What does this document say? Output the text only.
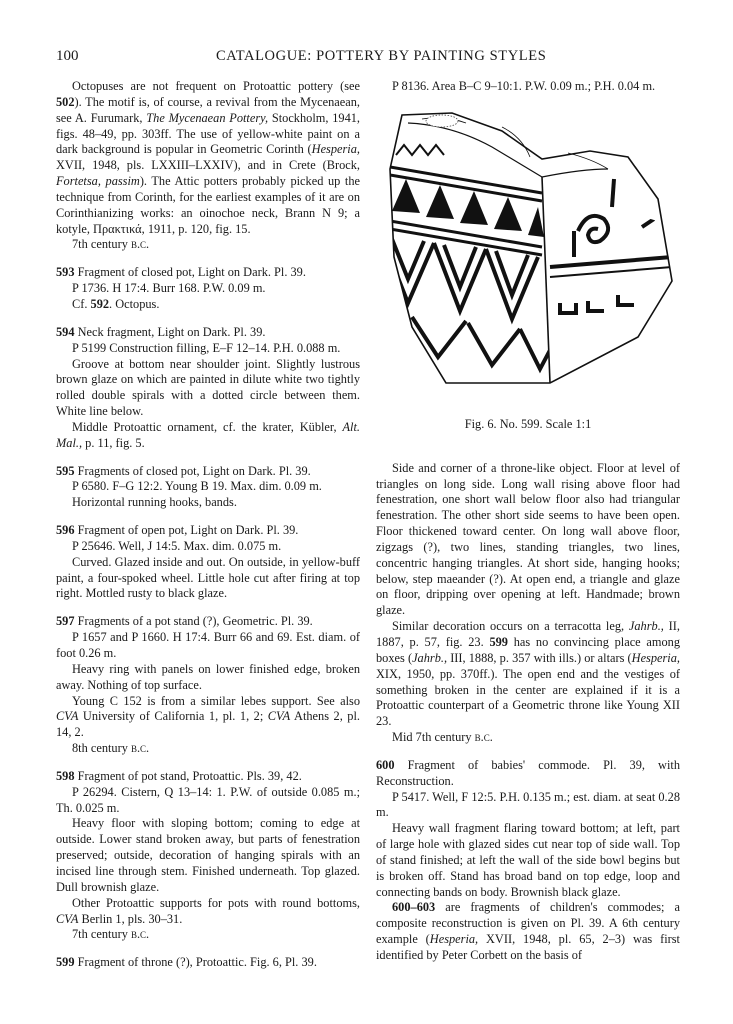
100	CATALOGUE: POTTERY BY PAINTING STYLES

Octopuses are not frequent on Protoattic pottery (see 502). The motif is, of course, a revival from the Mycenaean, see A. Furumark, The Mycenaean Pottery, Stockholm, 1941, figs. 48–49, pp. 303ff. The use of yellow-white paint on a dark background is popular in Geometric Corinth (Hesperia, XVII, 1948, pls. LXXIII–LXXIV), and in Crete (Brock, Fortetsa, passim). The Attic potters probably picked up the technique from Corinth, for the earliest examples of it are on Corinthianizing works: an oinochoe neck, Brann N 9; a kotyle, Πρακτικά, 1911, p. 120, fig. 15.

7th century b.c.

593 Fragment of closed pot, Light on Dark. Pl. 39.

P 1736. H 17:4. Burr 168. P.W. 0.09 m.

Cf. 592. Octopus.

594 Neck fragment, Light on Dark. Pl. 39.

P 5199 Construction filling, E–F 12–14. P.H. 0.088 m.

Groove at bottom near shoulder joint. Slightly lustrous brown glaze on which are painted in dilute white two tightly rolled double spirals with a dotted circle between them. White line below.

Middle Protoattic ornament, cf. the krater, Kübler, Alt. Mal., p. 11, fig. 5.

595 Fragments of closed pot, Light on Dark. Pl. 39.

P 6580. F–G 12:2. Young B 19. Max. dim. 0.09 m.

Horizontal running hooks, bands.

596 Fragment of open pot, Light on Dark. Pl. 39.

P 25646. Well, J 14:5. Max. dim. 0.075 m.

Curved. Glazed inside and out. On outside, in yellow-buff paint, a four-spoked wheel. Little hole cut after firing at top right. Mottled rusty to black glaze.

597 Fragments of a pot stand (?), Geometric. Pl. 39.

P 1657 and P 1660. H 17:4. Burr 66 and 69. Est. diam. of foot 0.26 m.

Heavy ring with panels on lower finished edge, broken away. Nothing of top surface.

Young C 152 is from a similar lebes support. See also CVA University of California 1, pl. 1, 2; CVA Athens 2, pl. 14, 2.

8th century b.c.

598 Fragment of pot stand, Protoattic. Pls. 39, 42.

P 26294. Cistern, Q 13–14: 1. P.W. of outside 0.085 m.; Th. 0.025 m.

Heavy floor with sloping bottom; coming to edge at outside. Lower stand broken away, but parts of fenestration preserved; outside, decoration of hanging spirals with an incised line through stem. Finished underneath. Top glazed. Dull brownish glaze.

Other Protoattic supports for pots with round bottoms, CVA Berlin 1, pls. 30–31.

7th century b.c.

599 Fragment of throne (?), Protoattic. Fig. 6, Pl. 39.

P 8136. Area B–C 9–10:1. P.W. 0.09 m.; P.H. 0.04 m.

Fig. 6. No. 599. Scale 1:1

Side and corner of a throne-like object. Floor at level of triangles on long side. Long wall rising above floor had fenestration, one short wall below floor also had triangular fenestration. The other short side seems to have been open. Floor thickened toward center. On long wall above floor, zigzags (?), two lines, standing triangles, two lines, concentric hanging triangles. At short side, hanging hooks; below, step maeander (?). At open end, a triangle and glaze on floor, dripping over opening at left. Handmade; brown glaze.

Similar decoration occurs on a terracotta leg, Jahrb., II, 1887, p. 57, fig. 23. 599 has no convincing place among boxes (Jahrb., III, 1888, p. 357 with ills.) or altars (Hesperia, XIX, 1950, pp. 370ff.). The open end and the vestiges of something broken in the center are explained if it is a Protoattic counterpart of a Geometric throne like Young XII 23.

Mid 7th century b.c.

600 Fragment of babies' commode. Pl. 39, with Reconstruction.

P 5417. Well, F 12:5. P.H. 0.135 m.; est. diam. at seat 0.28 m.

Heavy wall fragment flaring toward bottom; at left, part of large hole with glazed sides cut near top of side wall. Top of stand finished; at left the wall of the side bowl begins but is broken off. Stand has broad band on top edge, loop and connecting bands on body. Brownish black glaze.

600–603 are fragments of children's commodes; a composite reconstruction is given on Pl. 39. A 6th century example (Hesperia, XVII, 1948, pl. 65, 2–3) was first identified by Peter Corbett on the basis of
